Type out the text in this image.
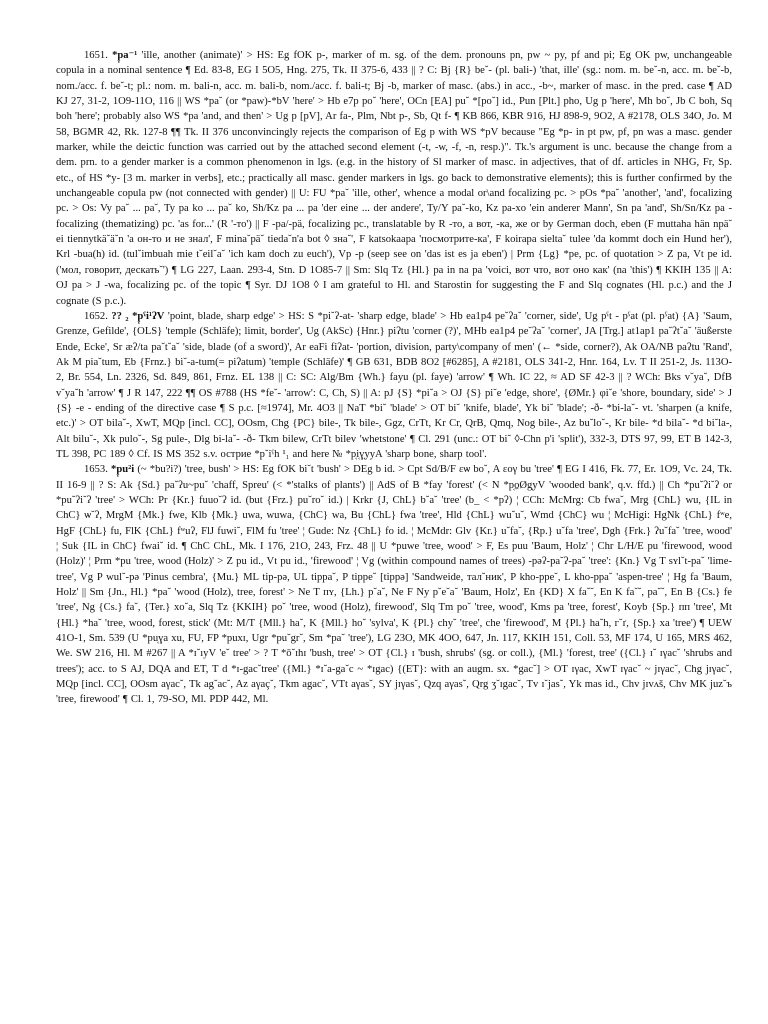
1651. *p͔a⁻¹ 'ille, another (animate)' > HS: Eg fOK p-, marker of m. sg. of the dem. pronouns pn, pw ~ py, pf and pi; Eg OK pw, unchangeable copula in a nominal sentence ¶ Ed. 83-8, EG I 5O5, Hng. 275, Tk. II 375-6, 433 || ? C: Bj {R} be˘- (pl. bali-) 'that, ille' (sg.: nom. m. be˘-n, acc. m. be˘-b, nom./acc. f. be˘-t; pl.: nom. m. bali-n, acc. m. bali-b, nom./acc. f. bali-t; Bj -b, marker of masc. (abs.) in acc., -b~, marker of masc. in the pred. case ¶ AD KJ 27, 31-2, 1O9-11O, 116 || WS *pa˘ (or *paw)-*bV 'here' > Hb e7p po˘ 'here', OCn [EA] pu˘ *[po˘] id., Pun [Plt.] pho, Ug p 'here', Mh bo˘, Jb C boh, Sq boh 'here'; probably also WS *pa 'and, and then' > Ug p [pV], Ar fa-, Plm, Nbt p-, Sb, Qt f- ¶ KB 866, KBR 916, HJ 898-9, 9O2, A #2178, OLS 34O, Jo. M 58, BGMR 42, Rk. 127-8 ¶¶ Tk. II 376 unconvincingly rejects the comparison of Eg p with WS *pV because "Eg *p- in pt pw, pf, pn was a masc. gender marker, while the deictic function was carried out by the attached second element (-t, -w, -f, -n, resp.)". Tk.'s argument is unc. because the change from a dem. prn. to a gender marker is a common phenomenon in lgs. (e.g. in the history of Sl marker of masc. in adjectives, that of df. articles in NHG, Fr, Sp. etc., of HS *y- [3 m. marker in verbs], etc.; practically all masc. gender markers in lgs. go back to demonstrative elements); this is further confirmed by the unchangeable copula pw (not connected with gender) || U: FU *pa˘ 'ille, other', whence a modal or\and focalizing pc. > pOs *pa˘ 'another', 'and', focalizing pc. > Os: Vy pa˘ ... pa˘, Ty pa ko ... pa˘ ko, Sh/Kz pa ... pa 'der eine ... der andere', Ty/Y pa˘-ko, Kz pa-xo 'ein anderer Mann', Sn pa 'and', Sh/Sn/Kz pa - focalizing (thematizing) pc. 'as for...' (R '-то') || F -pa/-pä, focalizing pc., translatable by R -то, а вот, -ка, же or by German doch, eben (F muttaha hän npä˘ ei tiennytkä˘ä˘n 'а он-то и не знал', F mina˘pä˘ tieda˘n'a bot ◊ зна˘', F katsokaapa 'посмотрите-ка', F koiraрa sielta˘ tulee 'da kommt doch ein Hund her'), Krl -bua(h) id. (tul˘imbuah mie t˘eil˘a˘ 'ich kam doch zu euch'), Vp -p (seep see on 'das ist es ja eben') | Prm {Lg} *pe, pc. of quotation > Z pa, Vt pe id. ('мол, говорит, дескать˘') ¶ LG 227, Laan. 293-4, Stn. D 1O85-7 || Sm: Slq Tz {Hl.} pa in na pa 'voici, вот что, вот оно как' (na 'this') ¶ KKIH 135 || A: OJ pa > J -wa, focalizing pc. of the topic ¶ Syr. DJ 1O8 ◊ I am grateful to Hl. and Starostin for suggesting the F and Slq cognates (Hl. p.c.) and the J cognate (S p.c.).

1652. ?? ₂ *p͔ˁi¹ʔV 'point, blade, sharp edge' > HS: S *pi˘ʔ-at- 'sharp edge, blade' > Hb ea1p4 pe˘ʔa˘ 'corner, side', Ug pˁt - pˁat (pl. pˁat) {A} 'Saum, Grenze, Gefilde', {OLS} 'temple (Schläfe); limit, border', Ug (AkSc) {Hnr.} piʔtu 'corner (?)', MHb ea1p4 pe˘ʔa˘ 'corner', JA [Trg.] at1ap1 pa˘ʔt˘a˘ 'äußerste Ende, Ecke', Sr æʔ/ta pa˘t˘a˘ 'side, blade (of a sword)', Ar eaFi fiʔat- 'portion, division, party\company of men' (← *side, corner?), Ak OA/NB paʔtu 'Rand', Ak M pia˘tum, Eb {Frnz.} bi˘-a-tum(= piʔatum) 'temple (Schläfe)' ¶ GB 631, BDB 8O2 [#6285], A #2181, OLS 341-2, Hnr. 164, Lv. T II 251-2, Js. 113O-2, Br. 554, Ln. 2326, Sd. 849, 861, Frnz. EL 138 || C: SC: Alg/Bm {Wh.} fayu (pl. faye) 'arrow' ¶ Wh. IC 22, ≈ AD SF 42-3 || ? WCh: Bks v˘ya˘, DfB v˘ya˘h 'arrow' ¶ J R 147, 222 ¶¶ OS #788 (HS *fe˘- 'arrow': C, Ch, S) || A: pJ {S} *pi˘a > OJ {S} pi˘e 'edge, shore', {ØMr.} φi˘e 'shore, boundary, side' > J {S} -e - ending of the directive case ¶ S p.c. [≈1974], Mr. 4O3 || NaT *bi˘ 'blade' > OT bi˘ 'knife, blade', Yk bi˘ 'blade'; -ð- *bi-la˘- vt. 'sharpen (a knife, etc.)' > OT bila˘-, XwT, MQp [incl. CC], OOsm, Chg {PC} bile-, Tk bile-, Ggz, CrTt, Kr Cr, QrB, Qmq, Nog bile-, Az bu˘lo˘-, Kr bile- *d bila˘- *d bi˘la-, Alt bilu˘-, Xk pulo˘-, Sg pule-, Dlg bi-la˘- -ð- Tkm bilew, CrTt bilev 'whetstone' ¶ Cl. 291 (unc.: OT bi˘ ◊-Chn p'i 'split'), 332-3, DTS 97, 99, ET B 142-3, TL 398, PC 189 ◊ Cf. IS MS 352 s.v. острие *p˘iˁh ¹₁ and here № *p͔i͔ɣ͔yyA 'sharp bone, sharp tool'.

1653. *p͔u²i (~ *bu?i?) 'tree, bush' > HS: Eg fOK bi˘t 'bush' > DEg b id. > Cpt Sd/B/F ɛѡ bo˘, A ɛoγ bu 'tree' ¶ EG I 416, Fk. 77, Er. 1O9, Vc. 24, Tk. II 16-9 || ? S: Ak {Sd.} pa˘ʔu~pu˘ 'chaff, Spreu' (< *'stalks of plants') || AdS of B *fay 'forest' (< N *p͔o̱Øg͔yV 'wooded bank', q.v. ffd.) || Ch *pu˘ʔi˘ʔ or *pu˘ʔi˘ʔ 'tree' > WCh: Pr {Kr.} fuuo˘ʔ id. (but {Frz.} pu˘ro˘ id.) | Krkr {J, ChL} b˘a˘ 'tree' (b_ < *pʔ) ¦ CCh: McMrg: Cb fwa˘, Mrg {ChL} wu, {IL in ChC} ѡ˘ʔ, MrgM {Mk.} fwe, Klb {Mk.} uwa, wuwa, {ChC} wa, Bu {ChL} fwa 'tree', Hld {ChL} wu˘u˘, Wmd {ChC} wu ¦ McHigi: HgNk {ChL} fʷe, HgF {ChL} fu, FlK {ChL} fʷuʔ, FlJ fuwi˘, FlM fu 'tree' ¦ Gude: Nz {ChL} fo id. ¦ McMdr: Glv {Kr.} u˘fa˘, {Rp.} u˘fa 'tree', Dgh {Frk.} ʔu˘fa˘ 'tree, wood' ¦ Suk {IL in ChC} fwai˘ id. ¶ ChC ChL, Mk. I 176, 21O, 243, Frz. 48 || U *puwe 'tree, wood' > F, Es puu 'Baum, Holz' ¦ Chr L/H/E pu 'firewood, wood (Holz)' ¦ Prm *pu 'tree, wood (Holz)' > Z pu id., Vt pu id., 'firewood' ¦ Vg (within compound names of trees) -pəʔ-pa˘ʔ-pa˘ 'tree': {Kn.} Vg T sʏl˘t-pa˘ 'lime-tree', Vg P wul˘-pə 'Pinus cembra', {Mu.} ML tip-pə, UL tippa˘, P tippe˘ [tippə] 'Sandweide, тал˘ник', P kho-ppe˘, L kho-ppa˘ 'aspen-tree' ¦ Hg fa 'Baum, Holz' || Sm {Jn., Hl.} *pa˘ 'wood (Holz), tree, forest' > Ne T пʏ, {Lh.} p˘a˘, Ne F Ny p˘e˘a˘ 'Baum, Holz', En {KD} X fa˘˘, En K fa˘˘, pa˘˘, En B {Cs.} fe 'tree', Ng {Cs.} fa˘, {Ter.} xo˘a, Slq Tz {KKIH} po˘ 'tree, wood (Holz), firewood', Slq Tm po˘ 'tree, wood', Kms pa 'tree, forest', Koyb {Sp.} пп 'tree', Mt {Hl.} *ha˘ 'tree, wood, forest, stick' (Mt: M/T {Mll.} ha˘, K {Mll.} ho˘ 'sylva', K {Pl.} chy˘ 'tree', che 'firewood', M {Pl.} ha˘h, г˘ґ, {Sp.} xa 'tree') ¶ UEW 41O-1, Sm. 539 (U *pu͔ɣa xu, FU, FP *puxɪ, Ugr *pu˘gr˘, Sm *pa˘ 'tree'), LG 23O, MK 4OO, 647, Jn. 117, KKIH 151, Coll. 53, MF 174, U 165, MRS 462, We. SW 216, Hl. M #267 || A *ɪ˘ıyV 'e˘ tree' > ? T *ō˘ɪhɪ 'bush, tree' > OT {Cl.} ɪ 'bush, shrubs' (sg. or coll.), {Ml.} 'forest, tree' ({Cl.} ɪ˘ ɪγac˘ 'shrubs and trees'); acc. to S AJ, DQA and ET, T d *ɪ-gac˘tree' ({Ml.} *ɪ˘a-ga˘c ~ *ɪgac) {(ET}: with an augm. sx. *gac˘] > OT ɪγac, XwT ɪγac˘ ~ jɪγac˘, Chg jɪγac˘, MQp [incl. CC], OOsm aγac˘, Tk ag˘ac˘, Az aγaç˘, Tkm agac˘, VTt aγas˘, SY jɪγas˘, Qzq aγas˘, Qrg ʒ˘ɪgac˘, Tv ɪ˘jas˘, Yk mas id., Chv jɪvʌš, Chv MK juz˘ъ 'tree, firewood' ¶ Cl. 1, 79-SO, Ml. PDP 442, Ml.
